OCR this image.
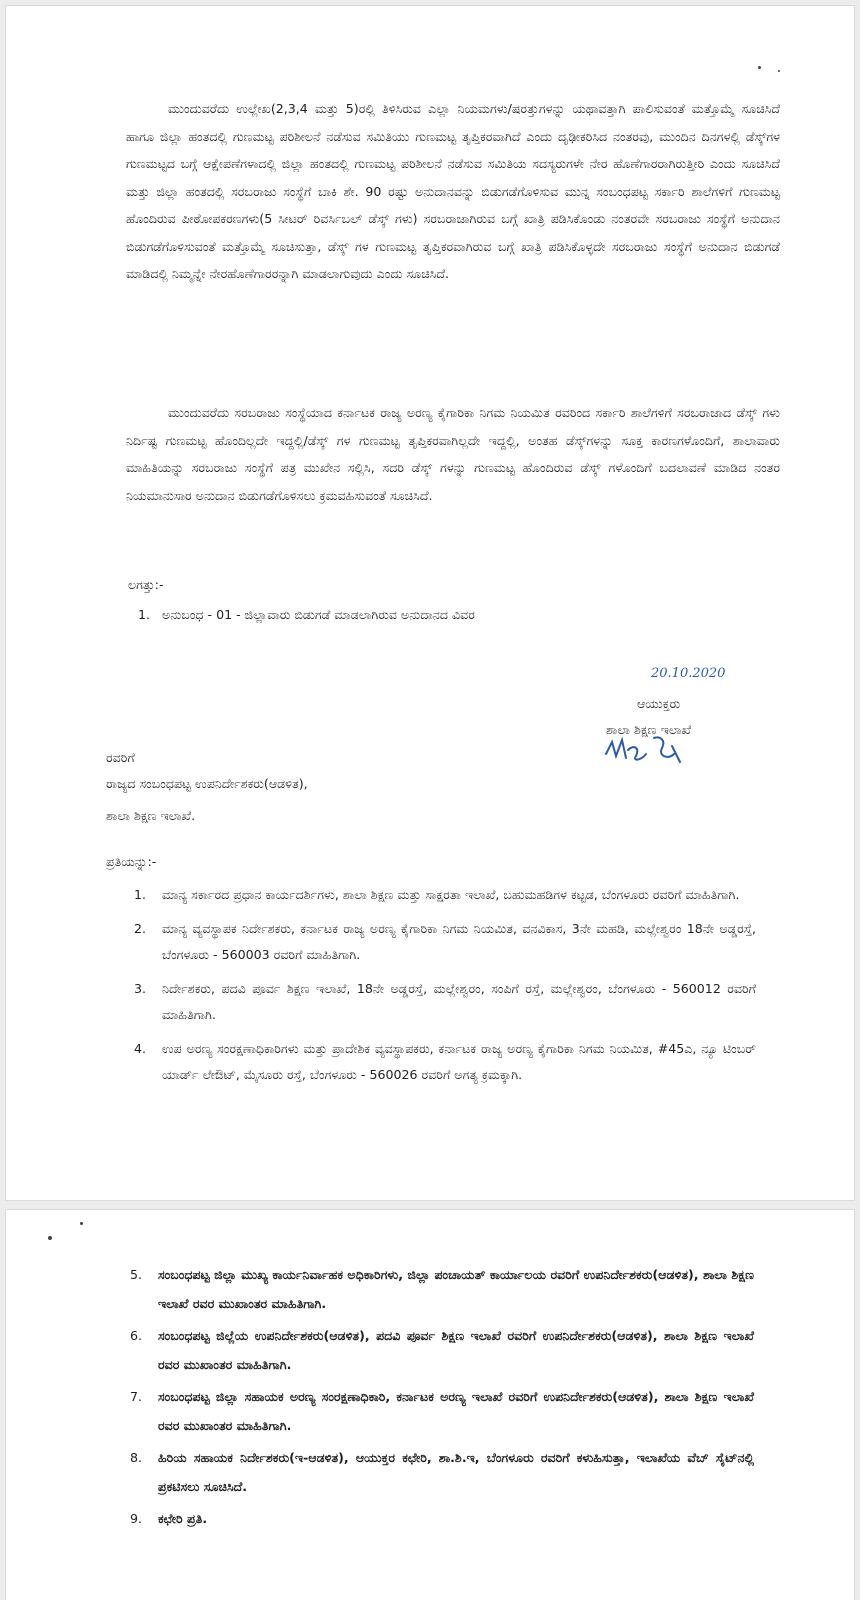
ಮುಂದುವರೆದು ಉಲ್ಲೇಖ(2,3,4 ಮತ್ತು 5)ರಲ್ಲಿ ತಿಳಿಸಿರುವ ಎಲ್ಲಾ ನಿಯಮಗಳು/ಷರತ್ತುಗಳನ್ನು ಯಥಾವತ್ತಾಗಿ ಪಾಲಿಸುವಂತೆ ಮತ್ತೊಮ್ಮೆ ಸೂಚಿಸಿದೆ ಹಾಗೂ ಜಿಲ್ಲಾ ಹಂತದಲ್ಲಿ ಗುಣಮಟ್ಟ ಪರಿಶೀಲನೆ ನಡೆಸುವ ಸಮಿತಿಯು ಗುಣಮಟ್ಟ ತೃಪ್ತಿಕರವಾಗಿದೆ ಎಂದು ದೃಢೀಕರಿಸಿದ ನಂತರವು, ಮುಂದಿನ ದಿನಗಳಲ್ಲಿ ಡೆಸ್ಕ್‌ಗಳ ಗುಣಮಟ್ಟದ ಬಗ್ಗೆ ಆಕ್ಷೇಪಣೆಗಳಾದಲ್ಲಿ ಜಿಲ್ಲಾ ಹಂತದಲ್ಲಿ ಗುಣಮಟ್ಟ ಪರಿಶೀಲನೆ ನಡೆಸುವ ಸಮಿತಿಯ ಸದಸ್ಯರುಗಳೇ ನೇರ ಹೊಣೆಗಾರರಾಗಿರುತ್ತೀರಿ ಎಂದು ಸೂಚಿಸಿದೆ ಮತ್ತು ಜಿಲ್ಲಾ ಹಂತದಲ್ಲಿ ಸರಬರಾಜು ಸಂಸ್ಥೆಗೆ ಬಾಕಿ ಶೇ. 90 ರಷ್ಟು ಅನುದಾನವನ್ನು ಬಿಡುಗಡೆಗೊಳಿಸುವ ಮುನ್ನ ಸಂಬಂಧಪಟ್ಟ ಸರ್ಕಾರಿ ಶಾಲೆಗಳಿಗೆ ಗುಣಮಟ್ಟ ಹೊಂದಿರುವ ಪೀಠೋಪಕರಣಗಳು(5 ಸೀಟರ್ ರಿವರ್ಸಿಬಲ್ ಡೆಸ್ಕ್ ಗಳು) ಸರಬರಾಜಾಗಿರುವ ಬಗ್ಗೆ ಖಾತ್ರಿ ಪಡಿಸಿಕೊಂಡು ನಂತರವೇ ಸರಬರಾಜು ಸಂಸ್ಥೆಗೆ ಅನುದಾನ ಬಿಡುಗಡೆಗೊಳಿಸುವಂತೆ ಮತ್ತೊಮ್ಮೆ ಸೂಚಿಸುತ್ತಾ, ಡೆಸ್ಕ್ ಗಳ ಗುಣಮಟ್ಟ ತೃಪ್ತಿಕರವಾಗಿರುವ ಬಗ್ಗೆ ಖಾತ್ರಿ ಪಡಿಸಿಕೊಳ್ಳದೇ ಸರಬರಾಜು ಸಂಸ್ಥೆಗೆ ಅನುದಾನ ಬಿಡುಗಡೆ ಮಾಡಿದಲ್ಲಿ ನಿಮ್ಮನ್ನೇ ನೇರಹೊಣೆಗಾರರನ್ನಾಗಿ ಮಾಡಲಾಗುವುದು ಎಂದು ಸೂಚಿಸಿದೆ.

ಮುಂದುವರೆದು ಸರಬರಾಜು ಸಂಸ್ಥೆಯಾದ ಕರ್ನಾಟಕ ರಾಜ್ಯ ಅರಣ್ಯ ಕೈಗಾರಿಕಾ ನಿಗಮ ನಿಯಮಿತ ರವರಿಂದ ಸರ್ಕಾರಿ ಶಾಲೆಗಳಿಗೆ ಸರಬರಾಜಾದ ಡೆಸ್ಕ್ ಗಳು ನಿರ್ದಿಷ್ಟ ಗುಣಮಟ್ಟ ಹೊಂದಿಲ್ಲದೇ ಇದ್ದಲ್ಲಿ/ಡೆಸ್ಕ್ ಗಳ ಗುಣಮಟ್ಟ ತೃಪ್ತಿಕರವಾಗಿಲ್ಲದೇ ಇದ್ದಲ್ಲಿ, ಅಂತಹ ಡೆಸ್ಕ್‌ಗಳನ್ನು ಸೂಕ್ತ ಕಾರಣಗಳೊಂದಿಗೆ, ಶಾಲಾವಾರು ಮಾಹಿತಿಯನ್ನು ಸರಬರಾಜು ಸಂಸ್ಥೆಗೆ ಪತ್ರ ಮುಖೇನ ಸಲ್ಲಿಸಿ, ಸದರಿ ಡೆಸ್ಕ್ ಗಳನ್ನು ಗುಣಮಟ್ಟ ಹೊಂದಿರುವ ಡೆಸ್ಕ್ ಗಳೊಂದಿಗೆ ಬದಲಾವಣೆ ಮಾಡಿದ ನಂತರ ನಿಯಮಾನುಸಾರ ಅನುದಾನ ಬಿಡುಗಡೆಗೊಳಿಸಲು ಕ್ರಮವಹಿಸುವಂತೆ ಸೂಚಿಸಿದೆ.

ಲಗತ್ತು:-

1. ಅನುಬಂಧ - 01 - ಜಿಲ್ಲಾವಾರು ಬಿಡುಗಡೆ ಮಾಡಲಾಗಿರುವ ಅನುದಾನದ ವಿವರ

20.10.2020

ಆಯುಕ್ತರು

ಶಾಲಾ ಶಿಕ್ಷಣ ಇಲಾಖೆ

ರವರಿಗೆ

ರಾಜ್ಯದ ಸಂಬಂಧಪಟ್ಟ ಉಪನಿರ್ದೇಶಕರು(ಆಡಳಿತ),

ಶಾಲಾ ಶಿಕ್ಷಣ ಇಲಾಖೆ.

ಪ್ರತಿಯನ್ನು:-

1. ಮಾನ್ಯ ಸರ್ಕಾರದ ಪ್ರಧಾನ ಕಾರ್ಯದರ್ಶಿಗಳು, ಶಾಲಾ ಶಿಕ್ಷಣ ಮತ್ತು ಸಾಕ್ಷರತಾ ಇಲಾಖೆ, ಬಹುಮಹಡಿಗಳ ಕಟ್ಟಡ, ಬೆಂಗಳೂರು ರವರಿಗೆ ಮಾಹಿತಿಗಾಗಿ.
2. ಮಾನ್ಯ ವ್ಯವಸ್ಥಾಪಕ ನಿರ್ದೇಶಕರು, ಕರ್ನಾಟಕ ರಾಜ್ಯ ಅರಣ್ಯ ಕೈಗಾರಿಕಾ ನಿಗಮ ನಿಯಮಿತ, ವನವಿಕಾಸ, 3ನೇ ಮಹಡಿ, ಮಲ್ಲೇಶ್ವರಂ 18ನೇ ಅಡ್ಡರಸ್ತೆ, ಬೆಂಗಳೂರು - 560003 ರವರಿಗೆ ಮಾಹಿತಿಗಾಗಿ.
3. ನಿರ್ದೇಶಕರು, ಪದವಿ ಪೂರ್ವ ಶಿಕ್ಷಣ ಇಲಾಖೆ, 18ನೇ ಅಡ್ಡರಸ್ತೆ, ಮಲ್ಲೇಶ್ವರಂ, ಸಂಪಿಗೆ ರಸ್ತೆ, ಮಲ್ಲೇಶ್ವರಂ, ಬೆಂಗಳೂರು - 560012 ರವರಿಗೆ ಮಾಹಿತಿಗಾಗಿ.
4. ಉಪ ಅರಣ್ಯ ಸಂರಕ್ಷಣಾಧಿಕಾರಿಗಳು ಮತ್ತು ಪ್ರಾದೇಶಿಕ ವ್ಯವಸ್ಥಾಪಕರು, ಕರ್ನಾಟಕ ರಾಜ್ಯ ಅರಣ್ಯ ಕೈಗಾರಿಕಾ ನಿಗಮ ನಿಯಮಿತ, #45ಎ, ನ್ಯೂ ಟಿಂಬರ್ ಯಾರ್ಡ್ ಲೇಔಟ್, ಮೈಸೂರು ರಸ್ತೆ, ಬೆಂಗಳೂರು - 560026 ರವರಿಗೆ ಅಗತ್ಯ ಕ್ರಮಕ್ಕಾಗಿ.
5. ಸಂಬಂಧಪಟ್ಟ ಜಿಲ್ಲಾ ಮುಖ್ಯ ಕಾರ್ಯನಿರ್ವಾಹಕ ಅಧಿಕಾರಿಗಳು, ಜಿಲ್ಲಾ ಪಂಚಾಯತ್ ಕಾರ್ಯಾಲಯ ರವರಿಗೆ ಉಪನಿರ್ದೇಶಕರು(ಆಡಳಿತ), ಶಾಲಾ ಶಿಕ್ಷಣ ಇಲಾಖೆ ರವರ ಮುಖಾಂತರ ಮಾಹಿತಿಗಾಗಿ.
6. ಸಂಬಂಧಪಟ್ಟ ಜಿಲ್ಲೆಯ ಉಪನಿರ್ದೇಶಕರು(ಆಡಳಿತ), ಪದವಿ ಪೂರ್ವ ಶಿಕ್ಷಣ ಇಲಾಖೆ ರವರಿಗೆ ಉಪನಿರ್ದೇಶಕರು(ಆಡಳಿತ), ಶಾಲಾ ಶಿಕ್ಷಣ ಇಲಾಖೆ ರವರ ಮುಖಾಂತರ ಮಾಹಿತಿಗಾಗಿ.
7. ಸಂಬಂಧಪಟ್ಟ ಜಿಲ್ಲಾ ಸಹಾಯಕ ಅರಣ್ಯ ಸಂರಕ್ಷಣಾಧಿಕಾರಿ, ಕರ್ನಾಟಕ ಅರಣ್ಯ ಇಲಾಖೆ ರವರಿಗೆ ಉಪನಿರ್ದೇಶಕರು(ಆಡಳಿತ), ಶಾಲಾ ಶಿಕ್ಷಣ ಇಲಾಖೆ ರವರ ಮುಖಾಂತರ ಮಾಹಿತಿಗಾಗಿ.
8. ಹಿರಿಯ ಸಹಾಯಕ ನಿರ್ದೇಶಕರು(ಇ-ಆಡಳಿತ), ಆಯುಕ್ತರ ಕಛೇರಿ, ಶಾ.ಶಿ.ಇ, ಬೆಂಗಳೂರು ರವರಿಗೆ ಕಳುಹಿಸುತ್ತಾ, ಇಲಾಖೆಯ ವೆಬ್ ಸೈಟ್‌ನಲ್ಲಿ ಪ್ರಕಟಿಸಲು ಸೂಚಿಸಿದೆ.
9. ಕಛೇರಿ ಪ್ರತಿ.
